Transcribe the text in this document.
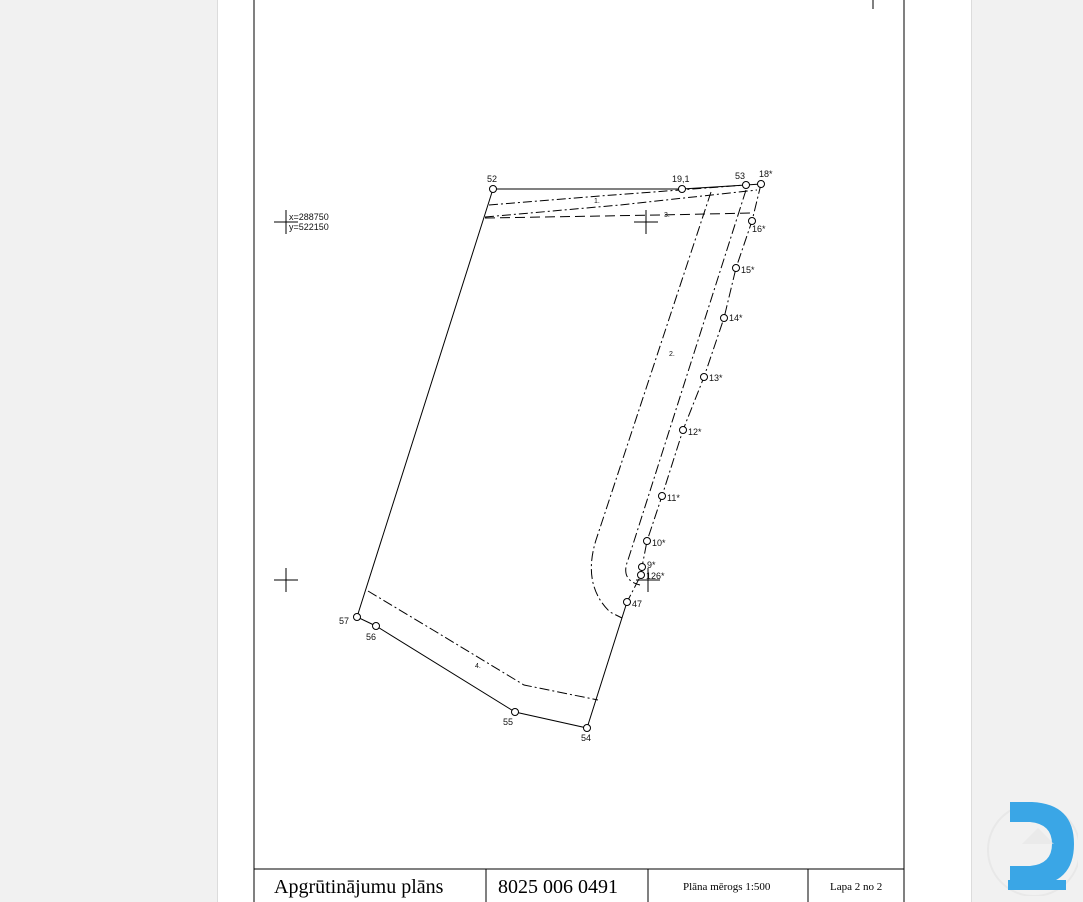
x=288750
y=522150
52	19,1	53 18*
16*
15*
14*
13*
12*
11*
10*
9*
126*
47
57
56
55
54
1.
2.
3.
4.
Apgrūtinājumu plāns	8025 006 0491	Plāna mērogs 1:500	Lapa 2 no 2
